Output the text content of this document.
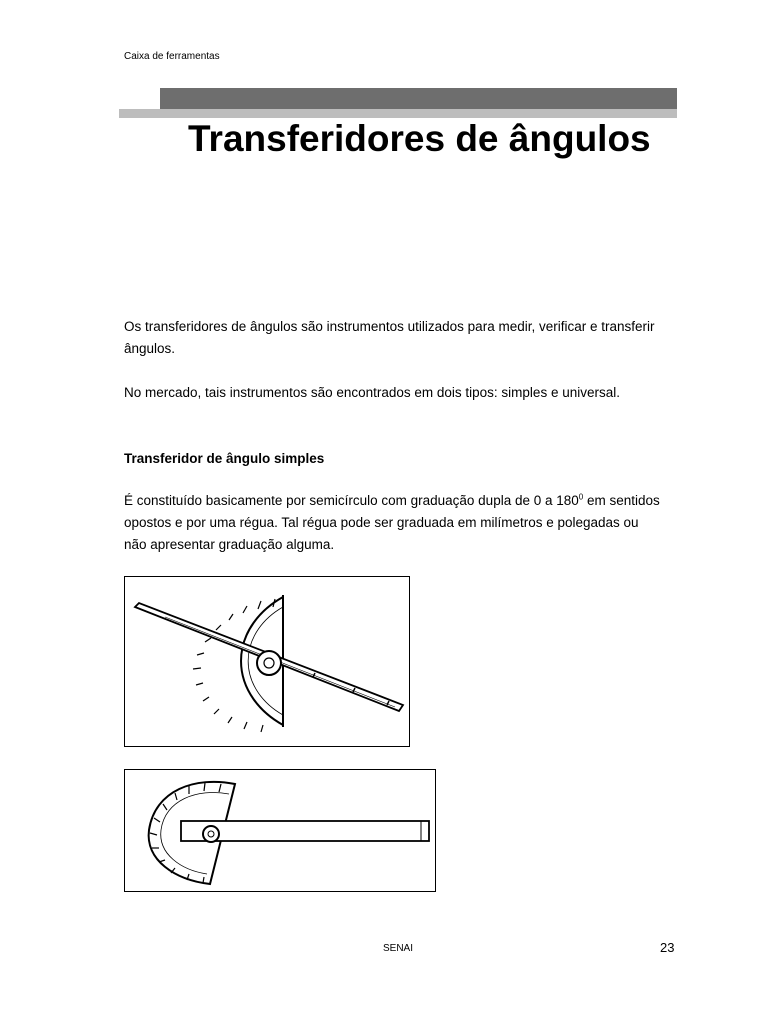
Caixa de ferramentas
Transferidores de ângulos

Os transferidores de ângulos são instrumentos utilizados para medir, verificar e transferir ângulos.

No mercado, tais instrumentos são encontrados em dois tipos: simples e universal.

Transferidor de ângulo simples

É constituído basicamente por semicírculo com graduação dupla de 0 a $180^0$ em sentidos opostos e por uma régua. Tal régua pode ser graduada em milímetros e polegadas ou não apresentar graduação alguma.

SENAI	23
